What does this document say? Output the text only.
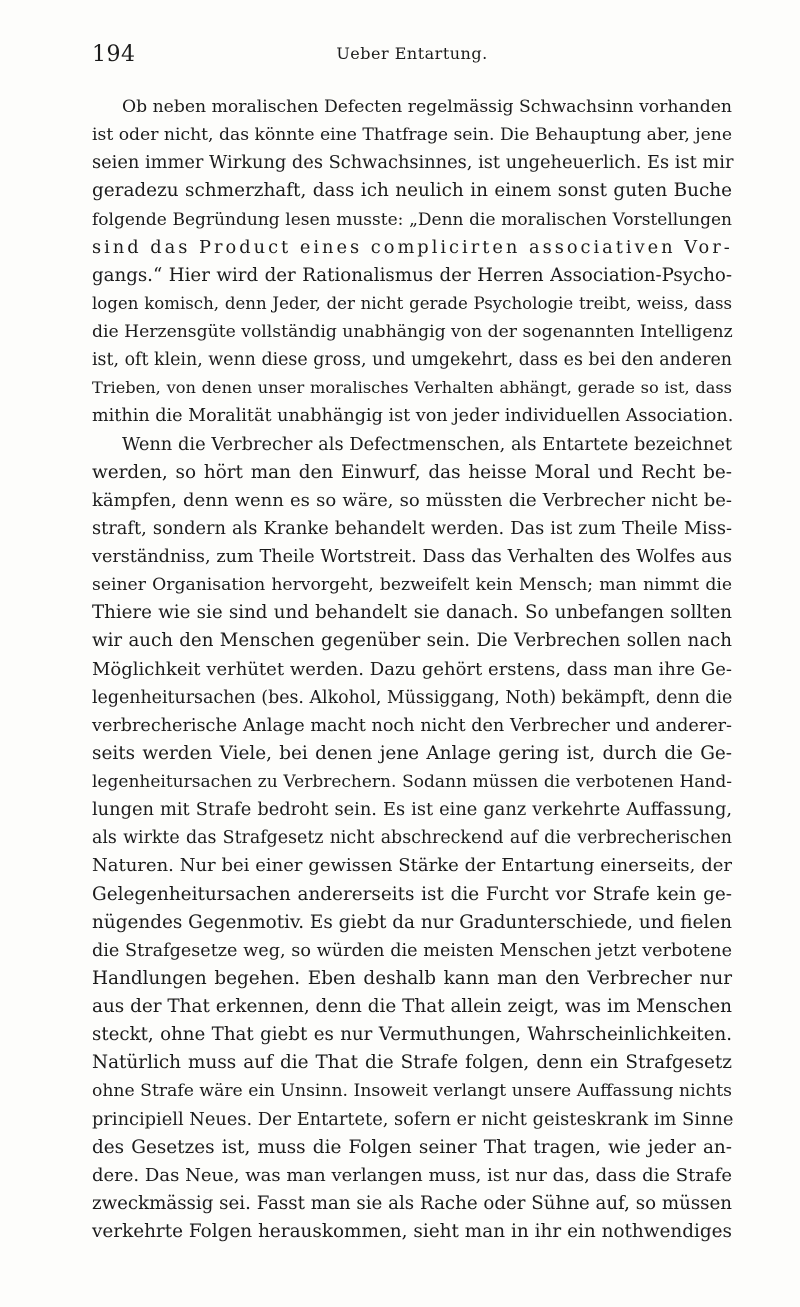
194	Ueber Entartung.
Ob neben moralischen Defecten regelmässig Schwachsinn vorhanden
ist oder nicht, das könnte eine Thatfrage sein. Die Behauptung aber, jene
seien immer Wirkung des Schwachsinnes, ist ungeheuerlich. Es ist mir
geradezu schmerzhaft, dass ich neulich in einem sonst guten Buche
folgende Begründung lesen musste: „Denn die moralischen Vorstellungen
sind das Product eines complicirten associativen Vor-
gangs.“ Hier wird der Rationalismus der Herren Association-Psycho-
logen komisch, denn Jeder, der nicht gerade Psychologie treibt, weiss, dass
die Herzensgüte vollständig unabhängig von der sogenannten Intelligenz
ist, oft klein, wenn diese gross, und umgekehrt, dass es bei den anderen
Trieben, von denen unser moralisches Verhalten abhängt, gerade so ist, dass
mithin die Moralität unabhängig ist von jeder individuellen Association.
Wenn die Verbrecher als Defectmenschen, als Entartete bezeichnet
werden, so hört man den Einwurf, das heisse Moral und Recht be-
kämpfen, denn wenn es so wäre, so müssten die Verbrecher nicht be-
straft, sondern als Kranke behandelt werden. Das ist zum Theile Miss-
verständniss, zum Theile Wortstreit. Dass das Verhalten des Wolfes aus
seiner Organisation hervorgeht, bezweifelt kein Mensch; man nimmt die
Thiere wie sie sind und behandelt sie danach. So unbefangen sollten
wir auch den Menschen gegenüber sein. Die Verbrechen sollen nach
Möglichkeit verhütet werden. Dazu gehört erstens, dass man ihre Ge-
legenheitursachen (bes. Alkohol, Müssiggang, Noth) bekämpft, denn die
verbrecherische Anlage macht noch nicht den Verbrecher und anderer-
seits werden Viele, bei denen jene Anlage gering ist, durch die Ge-
legenheitursachen zu Verbrechern. Sodann müssen die verbotenen Hand-
lungen mit Strafe bedroht sein. Es ist eine ganz verkehrte Auffassung,
als wirkte das Strafgesetz nicht abschreckend auf die verbrecherischen
Naturen. Nur bei einer gewissen Stärke der Entartung einerseits, der
Gelegenheitursachen andererseits ist die Furcht vor Strafe kein ge-
nügendes Gegenmotiv. Es giebt da nur Gradunterschiede, und fielen
die Strafgesetze weg, so würden die meisten Menschen jetzt verbotene
Handlungen begehen. Eben deshalb kann man den Verbrecher nur
aus der That erkennen, denn die That allein zeigt, was im Menschen
steckt, ohne That giebt es nur Vermuthungen, Wahrscheinlichkeiten.
Natürlich muss auf die That die Strafe folgen, denn ein Strafgesetz
ohne Strafe wäre ein Unsinn. Insoweit verlangt unsere Auffassung nichts
principiell Neues. Der Entartete, sofern er nicht geisteskrank im Sinne
des Gesetzes ist, muss die Folgen seiner That tragen, wie jeder an-
dere. Das Neue, was man verlangen muss, ist nur das, dass die Strafe
zweckmässig sei. Fasst man sie als Rache oder Sühne auf, so müssen
verkehrte Folgen herauskommen, sieht man in ihr ein nothwendiges
